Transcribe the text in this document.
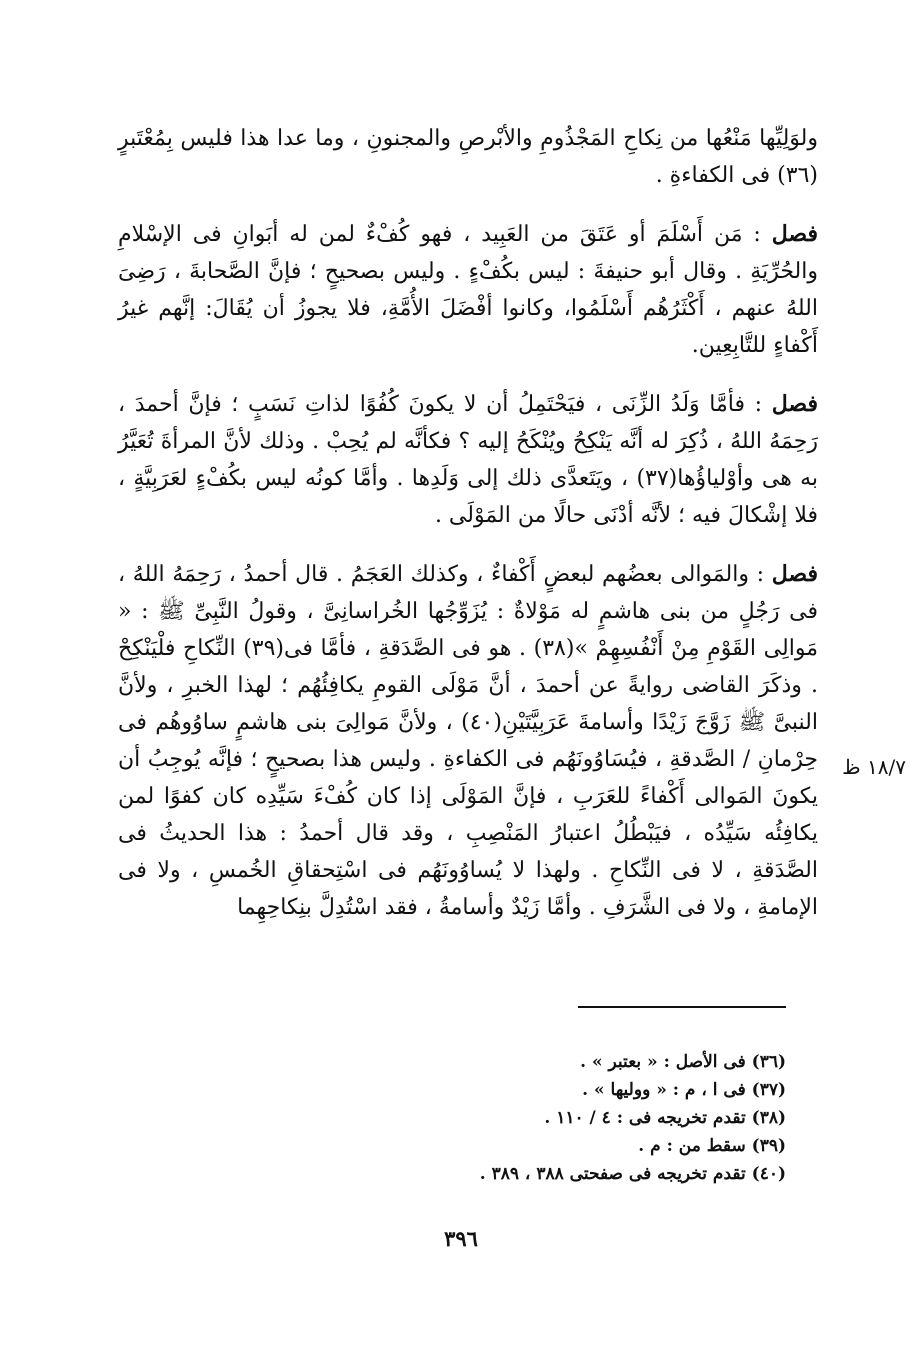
ولوَلِيِّها مَنْعُها من نِكاحِ المَجْذُومِ والأبْرصِ والمجنونِ ، وما عدا هذا فليس بِمُعْتَبرٍ (٣٦) فى الكفاءةِ .

فصل : مَن أَسْلَمَ أو عَتَقَ من العَبِيد ، فهو كُفْءٌ لمن له أبَوانِ فى الإسْلامِ والحُرِّيَةِ . وقال أبو حنيفةَ : ليس بكُفْءٍ . وليس بصحيحٍ ؛ فإنَّ الصَّحابةَ ، رَضِىَ اللهُ عنهم ، أَكْثَرُهُم أَسْلَمُوا، وكانوا أفْضَلَ الأُمَّةِ، فلا يجوزُ أن يُقَالَ: إنَّهم غيرُ أَكْفاءٍ للتَّابِعِين.

فصل : فأمَّا وَلَدُ الزِّنَى ، فيَحْتَمِلُ أن لا يكونَ كُفُوًا لذاتِ نَسَبٍ ؛ فإنَّ أحمدَ ، رَحِمَهُ اللهُ ، ذُكِرَ له أنَّه يَنْكِحُ ويُنْكَحُ إليه ؟ فكأنَّه لم يُحِبْ . وذلك لأنَّ المرأةَ تُعَيَّرُ به هى وأوْلياؤُها(٣٧) ، ويَتَعدَّى ذلك إلى وَلَدِها . وأمَّا كونُه ليس بكُفْءٍ لعَرَبِيَّةٍ ، فلا إشْكالَ فيه ؛ لأنَّه أدْنَى حالًا من المَوْلَى .

فصل : والمَوالى بعضُهم لبعضٍ أَكْفاءٌ ، وكذلك العَجَمُ . قال أحمدُ ، رَحِمَهُ اللهُ ، فى رَجُلٍ من بنى هاشمٍ له مَوْلاةٌ : يُزَوِّجُها الخُراسانِىَّ ، وقولُ النَّبِىِّ ﷺ : « مَوالِى القَوْمِ مِنْ أَنْفُسِهِمْ »(٣٨) . هو فى الصَّدَقةِ ، فأمَّا فى(٣٩) النِّكاحِ فلْيَنْكِحْ . وذكَرَ القاضى روايةً عن أحمدَ ، أنَّ مَوْلَى القومِ يكافِئُهُم ؛ لهذا الخبرِ ، ولأنَّ النبىَّ ﷺ زَوَّجَ زَيْدًا وأسامةَ عَرَبِيَّتَيْنِ(٤٠) ، ولأنَّ مَوالِىَ بنى هاشمٍ ساوُوهُم فى حِرْمانِ / الصَّدقةِ ، فيُسَاوُونَهُم فى الكفاءةِ . وليس هذا بصحيحٍ ؛ فإنَّه يُوجِبُ أن يكونَ المَوالى أَكْفاءً للعَرَبِ ، فإنَّ المَوْلَى إذا كان كُفْءَ سَيِّدِه كان كفوًا لمن يكافِئُه سَيِّدُه ، فيَبْطُلُ اعتبارُ المَنْصِبِ ، وقد قال أحمدُ : هذا الحديثُ فى الصَّدَقةِ ، لا فى النِّكاحِ . ولهذا لا يُساوُونَهُم فى اسْتِحقاقِ الخُمسِ ، ولا فى الإمامةِ ، ولا فى الشَّرَفِ . وأمَّا زَيْدٌ وأسامةُ ، فقد اسْتُدِلَّ بنِكاحِهِما

١٨/٧ ظ

(٣٦) فى الأصل : « بعتبر » .

(٣٧) فى ا ، م : « ووليها » .

(٣٨) تقدم تخريجه فى : ٤ / ١١٠ .

(٣٩) سقط من : م .

(٤٠) تقدم تخريجه فى صفحتى ٣٨٨ ، ٣٨٩ .

٣٩٦
